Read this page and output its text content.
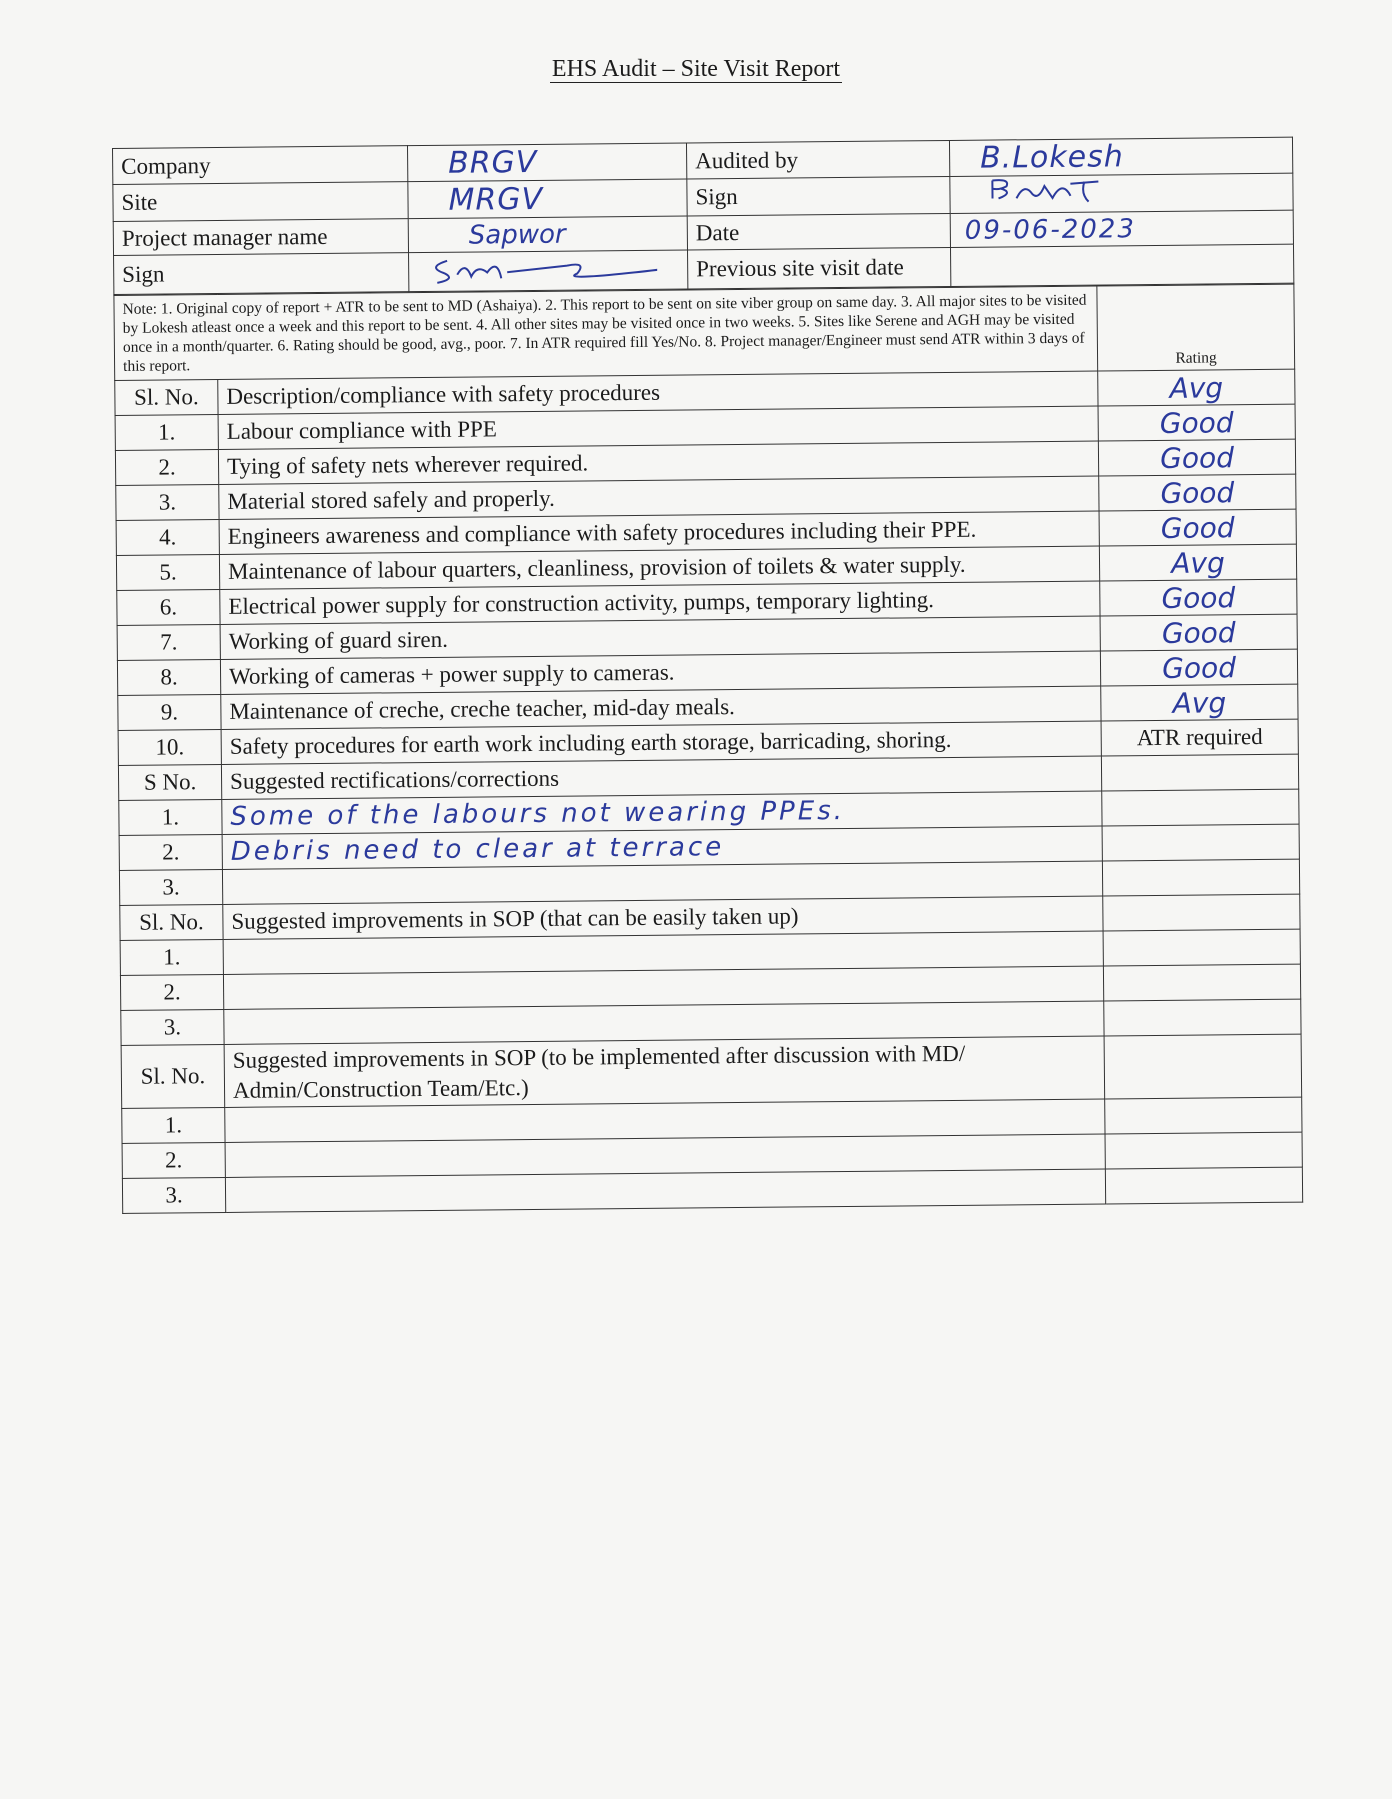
EHS Audit – Site Visit Report
Company	BRGV	Audited by	B.Lokesh
Site	MRGV	Sign	
Project manager name	Sapwor	Date	09-06-2023
Sign		Previous site visit date	
Note: 1. Original copy of report + ATR to be sent to MD (Ashaiya). 2. This report to be sent on site viber group on same day. 3. All major sites to be visited by Lokesh atleast once a week and this report to be sent. 4. All other sites may be visited once in two weeks. 5. Sites like Serene and AGH may be visited once in a month/quarter. 6. Rating should be good, avg., poor. 7. In ATR required fill Yes/No. 8. Project manager/Engineer must send ATR within 3 days of this report.		Rating
Sl. No.	Description/compliance with safety procedures	Avg
1.	Labour compliance with PPE	Good
2.	Tying of safety nets wherever required.	Good
3.	Material stored safely and properly.	Good
4.	Engineers awareness and compliance with safety procedures including their PPE.	Good
5.	Maintenance of labour quarters, cleanliness, provision of toilets & water supply.	Avg
6.	Electrical power supply for construction activity, pumps, temporary lighting.	Good
7.	Working of guard siren.	Good
8.	Working of cameras + power supply to cameras.	Good
9.	Maintenance of creche, creche teacher, mid-day meals.	Avg
10.	Safety procedures for earth work including earth storage, barricading, shoring.	ATR required
S No.	Suggested rectifications/corrections	
1.	Some of the labours not wearing PPEs.	
2.	Debris need to clear at terrace	
3.		
Sl. No.	Suggested improvements in SOP (that can be easily taken up)	
1.		
2.		
3.		
Sl. No.	Suggested improvements in SOP (to be implemented after discussion with MD/ Admin/Construction Team/Etc.)	
1.		
2.		
3.		
